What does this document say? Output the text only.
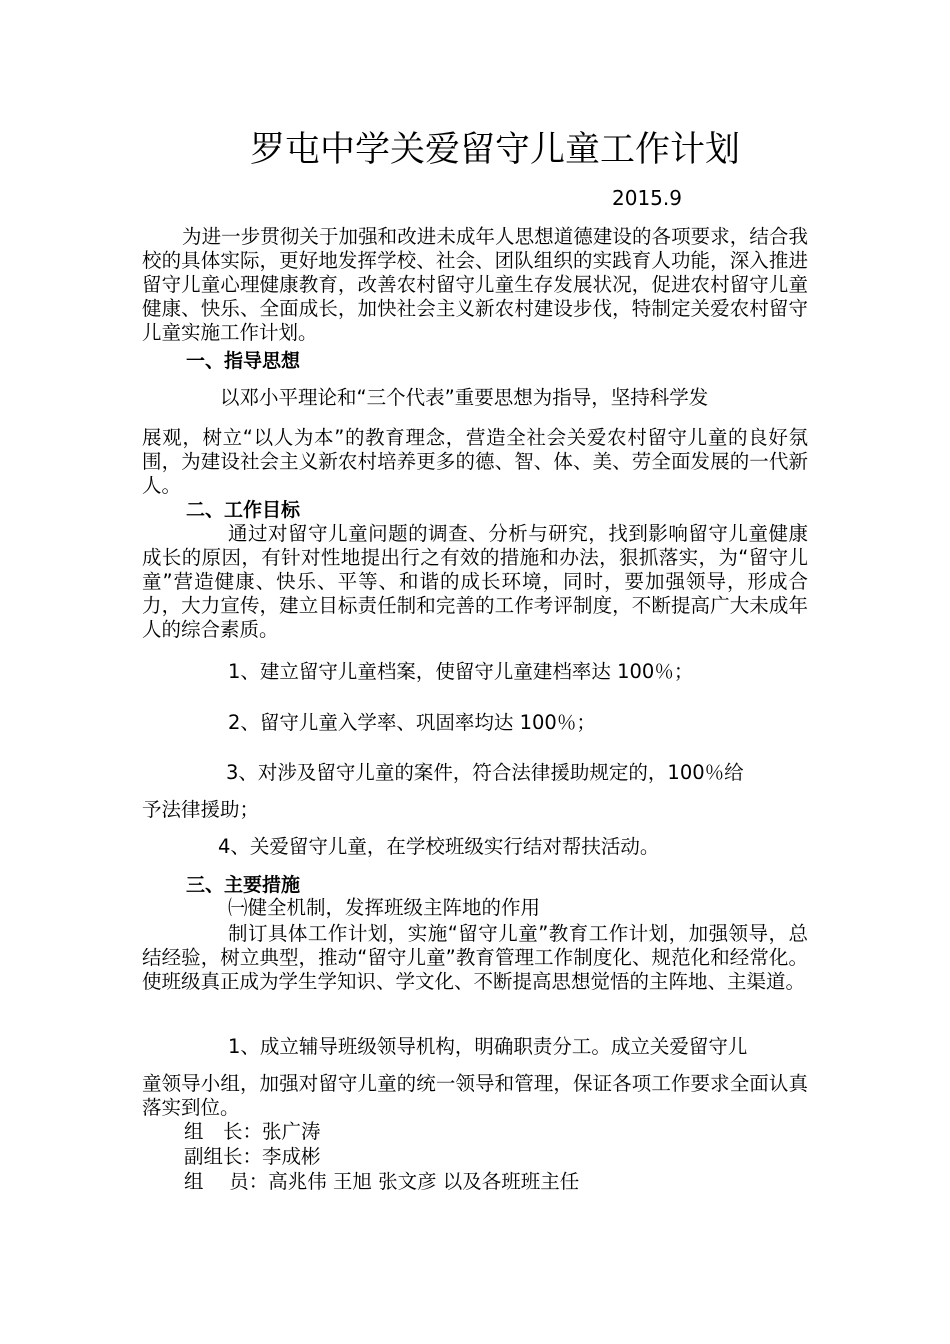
罗屯中学关爱留守儿童工作计划
2015.9
为进一步贯彻关于加强和改进未成年人思想道德建设的各项要求，结合我校的具体实际，更好地发挥学校、社会、团队组织的实践育人功能，深入推进留守儿童心理健康教育，改善农村留守儿童生存发展状况，促进农村留守儿童健康、快乐、全面成长，加快社会主义新农村建设步伐，特制定关爱农村留守儿童实施工作计划。
一、指导思想
以邓小平理论和“三个代表”重要思想为指导，坚持科学发
展观，树立“以人为本”的教育理念，营造全社会关爱农村留守儿童的良好氛围，为建设社会主义新农村培养更多的德、智、体、美、劳全面发展的一代新人。
二、工作目标
通过对留守儿童问题的调查、分析与研究，找到影响留守儿童健康成长的原因，有针对性地提出行之有效的措施和办法，狠抓落实，为“留守儿童”营造健康、快乐、平等、和谐的成长环境，同时，要加强领导，形成合力，大力宣传，建立目标责任制和完善的工作考评制度，不断提高广大未成年人的综合素质。
1、建立留守儿童档案，使留守儿童建档率达 100％；
2、留守儿童入学率、巩固率均达 100％；
3、对涉及留守儿童的案件，符合法律援助规定的，100％给
予法律援助；
4、关爱留守儿童，在学校班级实行结对帮扶活动。
三、主要措施
㈠健全机制，发挥班级主阵地的作用
制订具体工作计划，实施“留守儿童”教育工作计划，加强领导，总结经验，树立典型，推动“留守儿童”教育管理工作制度化、规范化和经常化。使班级真正成为学生学知识、学文化、不断提高思想觉悟的主阵地、主渠道。
1、成立辅导班级领导机构，明确职责分工。成立关爱留守儿
童领导小组，加强对留守儿童的统一领导和管理，保证各项工作要求全面认真落实到位。
组　长：张广涛
副组长：李成彬
组　 员：高兆伟 王旭 张文彦 以及各班班主任
